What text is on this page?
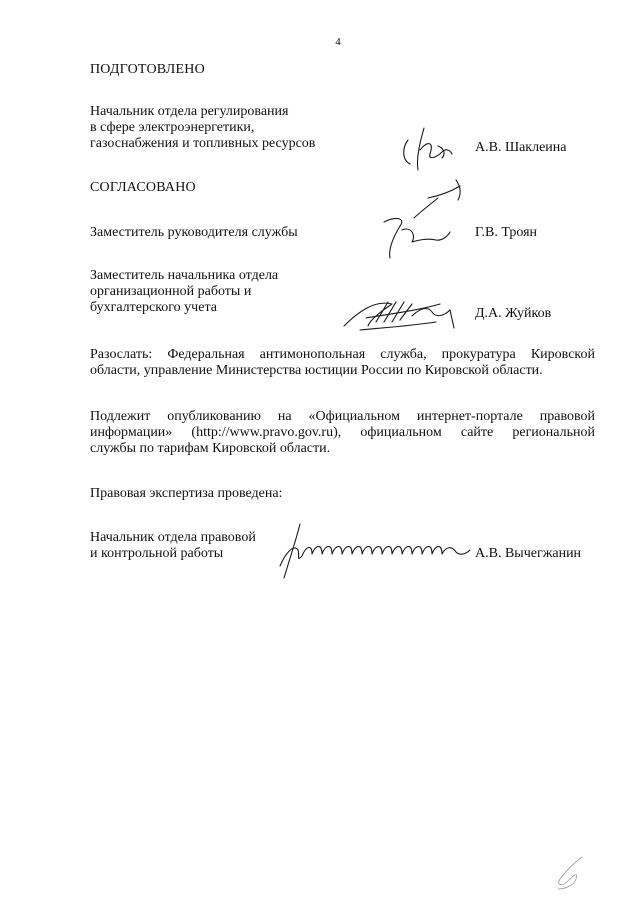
4
ПОДГОТОВЛЕНО
Начальник отдела регулирования
в сфере электроэнергетики,
газоснабжения и топливных ресурсов	А.В. Шаклеина
СОГЛАСОВАНО
Заместитель руководителя службы	Г.В. Троян
Заместитель начальника отдела
организационной работы и
бухгалтерского учета	Д.А. Жуйков
Разослать: Федеральная антимонопольная служба, прокуратура Кировской
области, управление Министерства юстиции России по Кировской области.
Подлежит опубликованию на «Официальном интернет-портале правовой
информации» (http://www.pravo.gov.ru), официальном сайте региональной
службы по тарифам Кировской области.
Правовая экспертиза проведена:
Начальник отдела правовой
и контрольной работы	А.В. Вычегжанин
